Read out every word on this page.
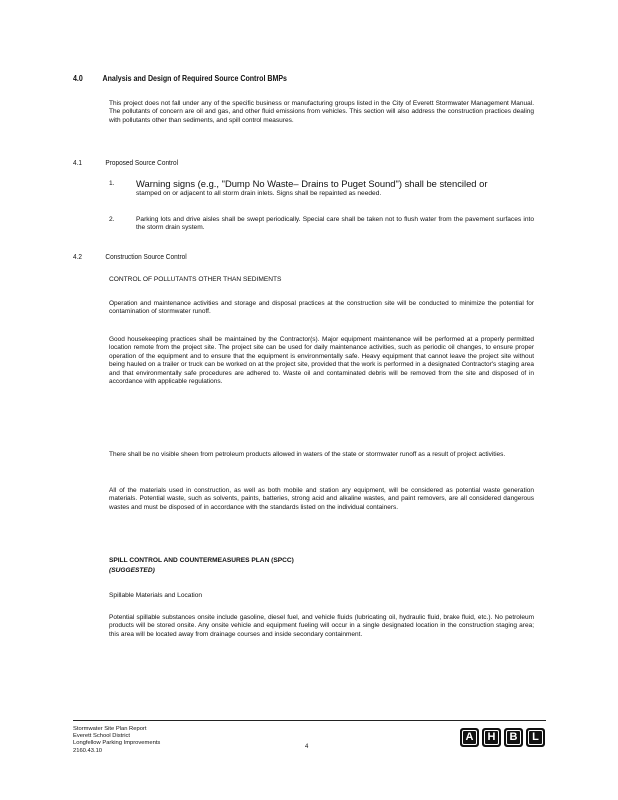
4.0 Analysis and Design of Required Source Control BMPs
This project does not fall under any of the specific business or manufacturing groups listed in the City of Everett Stormwater Management Manual. The pollutants of concern are oil and gas, and other fluid emissions from vehicles. This section will also address the construction practices dealing with pollutants other than sediments, and spill control measures.
4.1	Proposed Source Control
1. Warning signs (e.g., "Dump No Waste– Drains to Puget Sound") shall be stenciled or
stamped on or adjacent to all storm drain inlets. Signs shall be repainted as needed.
2.	Parking lots and drive aisles shall be swept periodically. Special care shall be taken not to flush water from the pavement surfaces into the storm drain system.
4.2	Construction Source Control
CONTROL OF POLLUTANTS OTHER THAN SEDIMENTS
Operation and maintenance activities and storage and disposal practices at the construction site will be conducted to minimize the potential for contamination of stormwater runoff.
Good housekeeping practices shall be maintained by the Contractor(s). Major equipment maintenance will be performed at a properly permitted location remote from the project site. The project site can be used for daily maintenance activities, such as periodic oil changes, to ensure proper operation of the equipment and to ensure that the equipment is environmentally safe. Heavy equipment that cannot leave the project site without being hauled on a trailer or truck can be worked on at the project site, provided that the work is performed in a designated Contractor's staging area and that environmentally safe procedures are adhered to. Waste oil and contaminated debris will be removed from the site and disposed of in accordance with applicable regulations.
There shall be no visible sheen from petroleum products allowed in waters of the state or stormwater runoff as a result of project activities.
All of the materials used in construction, as well as both mobile and station ary equipment, will be considered as potential waste generation materials. Potential waste, such as solvents, paints, batteries, strong acid and alkaline wastes, and paint removers, are all considered dangerous wastes and must be disposed of in accordance with the standards listed on the individual containers.
SPILL CONTROL AND COUNTERMEASURES PLAN (SPCC)
(SUGGESTED)
Spillable Materials and Location
Potential spillable substances onsite include gasoline, diesel fuel, and vehicle fluids (lubricating oil, hydraulic fluid, brake fluid, etc.). No petroleum products will be stored onsite. Any onsite vehicle and equipment fueling will occur in a single designated location in the construction staging area; this area will be located away from drainage courses and inside secondary containment.
Stormwater Site Plan Report
Everett School District
Longfellow Parking Improvements
2160.43.10
4
A	H	B	L
